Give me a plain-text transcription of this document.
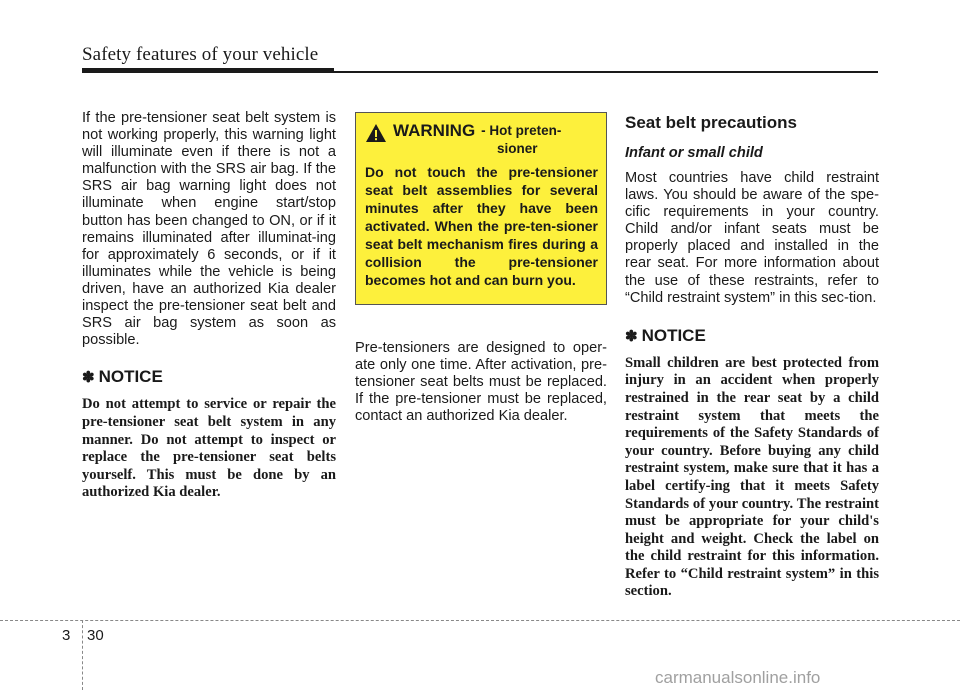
Safety features of your vehicle

If the pre-tensioner seat belt system is not working properly, this warning light will illuminate even if there is not a malfunction with the SRS air bag. If the SRS air bag warning light does not illuminate when engine start/stop button has been changed to ON, or if it remains illuminated after illuminat-ing for approximately 6 seconds, or if it illuminates while the vehicle is being driven, have an authorized Kia dealer inspect the pre-tensioner seat belt and SRS air bag system as soon as possible.

✽ NOTICE

Do not attempt to service or repair the pre-tensioner seat belt system in any manner. Do not attempt to inspect or replace the pre-tensioner seat belts yourself. This must be done by an authorized Kia dealer.

WARNING - Hot preten-
sioner

Do not touch the pre-tensioner seat belt assemblies for several minutes after they have been activated. When the pre-ten-sioner seat belt mechanism fires during a collision the pre-tensioner becomes hot and can burn you.

Pre-tensioners are designed to oper-ate only one time. After activation, pre-tensioner seat belts must be replaced. If the pre-tensioner must be replaced, contact an authorized Kia dealer.

Seat belt precautions
Infant or small child

Most countries have child restraint laws. You should be aware of the spe-cific requirements in your country. Child and/or infant seats must be properly placed and installed in the rear seat. For more information about the use of these restraints, refer to “Child restraint system” in this sec-tion.

✽ NOTICE

Small children are best protected from injury in an accident when properly restrained in the rear seat by a child restraint system that meets the requirements of the Safety Standards of your country. Before buying any child restraint system, make sure that it has a label certify-ing that it meets Safety Standards of your country. The restraint must be appropriate for your child's height and weight. Check the label on the child restraint for this information. Refer to “Child restraint system” in this section.

3 30
carmanualsonline.info
